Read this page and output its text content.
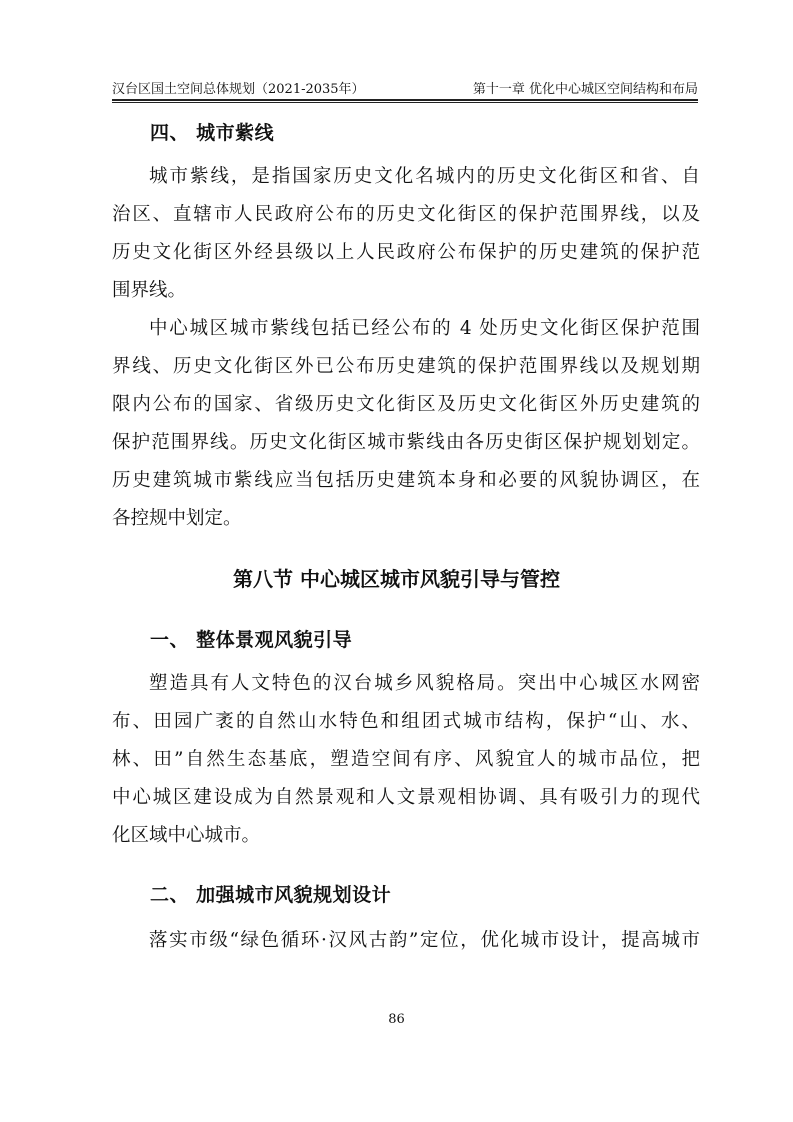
汉台区国土空间总体规划（2021-2035年）	第十一章 优化中心城区空间结构和布局
四、 城市紫线
城市紫线，是指国家历史文化名城内的历史文化街区和省、自
治区、直辖市人民政府公布的历史文化街区的保护范围界线，以及
历史文化街区外经县级以上人民政府公布保护的历史建筑的保护范
围界线。
中心城区城市紫线包括已经公布的 4 处历史文化街区保护范围
界线、历史文化街区外已公布历史建筑的保护范围界线以及规划期
限内公布的国家、省级历史文化街区及历史文化街区外历史建筑的
保护范围界线。历史文化街区城市紫线由各历史街区保护规划划定。
历史建筑城市紫线应当包括历史建筑本身和必要的风貌协调区，在
各控规中划定。
第八节 中心城区城市风貌引导与管控
一、 整体景观风貌引导
塑造具有人文特色的汉台城乡风貌格局。突出中心城区水网密
布、田园广袤的自然山水特色和组团式城市结构，保护“山、水、
林、田”自然生态基底，塑造空间有序、风貌宜人的城市品位，把
中心城区建设成为自然景观和人文景观相协调、具有吸引力的现代
化区域中心城市。
二、 加强城市风貌规划设计
落实市级“绿色循环·汉风古韵”定位，优化城市设计，提高城市
86
